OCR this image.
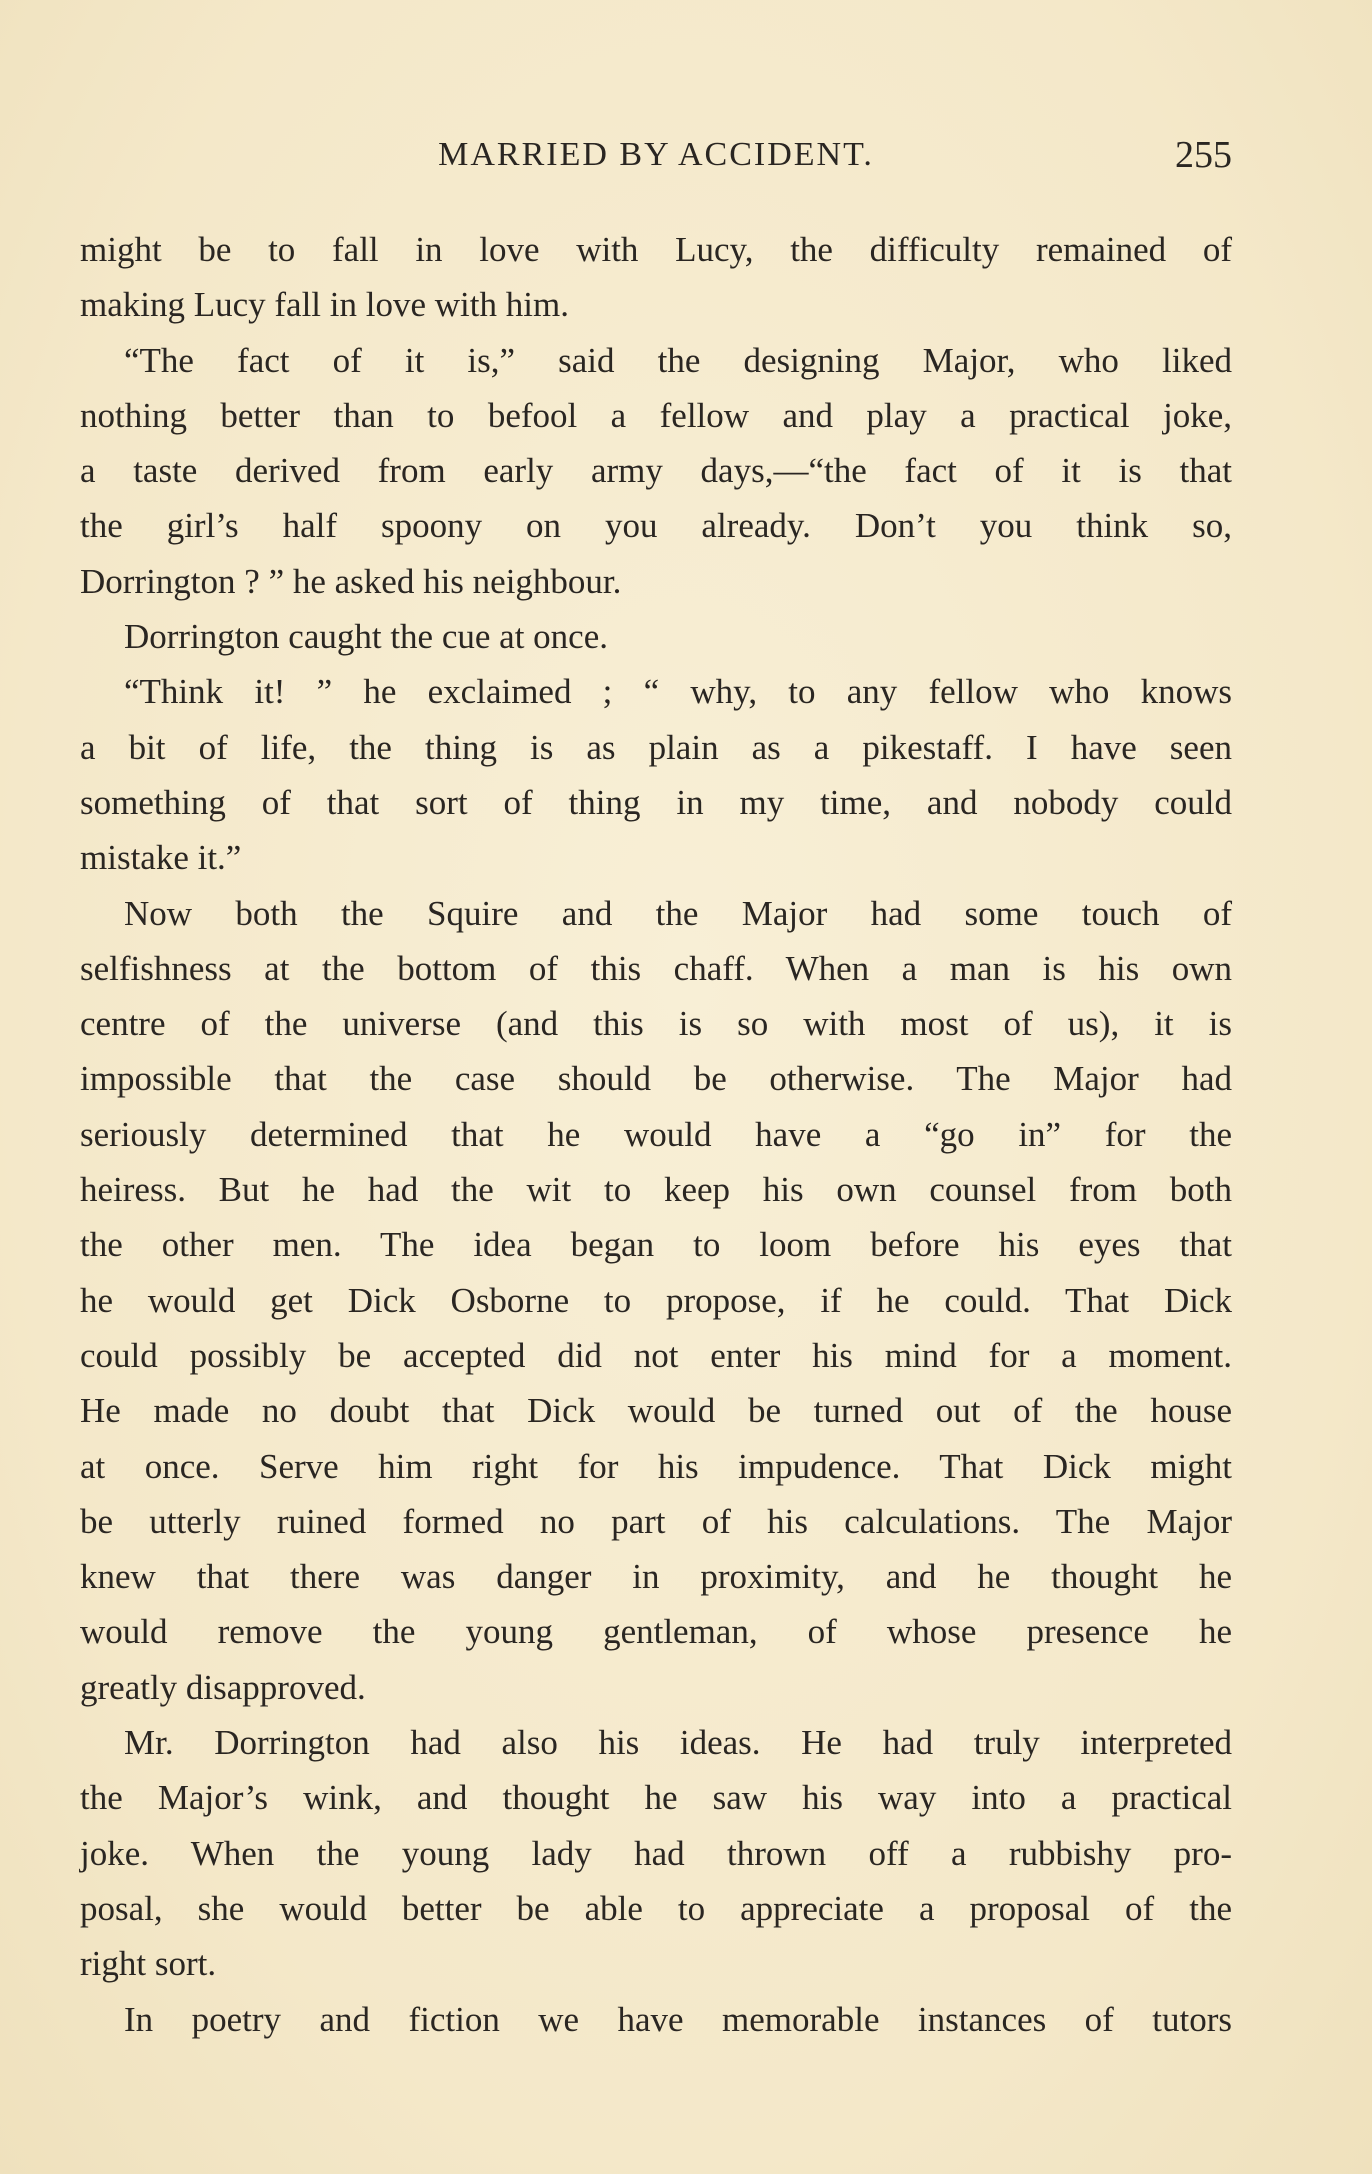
MARRIED BY ACCIDENT.	255
might be to fall in love with Lucy, the difficulty remained of
making Lucy fall in love with him.
“The fact of it is,” said the designing Major, who liked
nothing better than to befool a fellow and play a practical joke,
a taste derived from early army days,—“the fact of it is that
the girl’s half spoony on you already. Don’t you think so,
Dorrington ? ” he asked his neighbour.
Dorrington caught the cue at once.
“Think it! ” he exclaimed ; “ why, to any fellow who knows
a bit of life, the thing is as plain as a pikestaff. I have seen
something of that sort of thing in my time, and nobody could
mistake it.”
Now both the Squire and the Major had some touch of
selfishness at the bottom of this chaff. When a man is his own
centre of the universe (and this is so with most of us), it is
impossible that the case should be otherwise. The Major had
seriously determined that he would have a “go in” for the
heiress. But he had the wit to keep his own counsel from both
the other men. The idea began to loom before his eyes that
he would get Dick Osborne to propose, if he could. That Dick
could possibly be accepted did not enter his mind for a moment.
He made no doubt that Dick would be turned out of the house
at once. Serve him right for his impudence. That Dick might
be utterly ruined formed no part of his calculations. The Major
knew that there was danger in proximity, and he thought he
would remove the young gentleman, of whose presence he
greatly disapproved.
Mr. Dorrington had also his ideas. He had truly interpreted
the Major’s wink, and thought he saw his way into a practical
joke. When the young lady had thrown off a rubbishy pro-
posal, she would better be able to appreciate a proposal of the
right sort.
In poetry and fiction we have memorable instances of tutors
